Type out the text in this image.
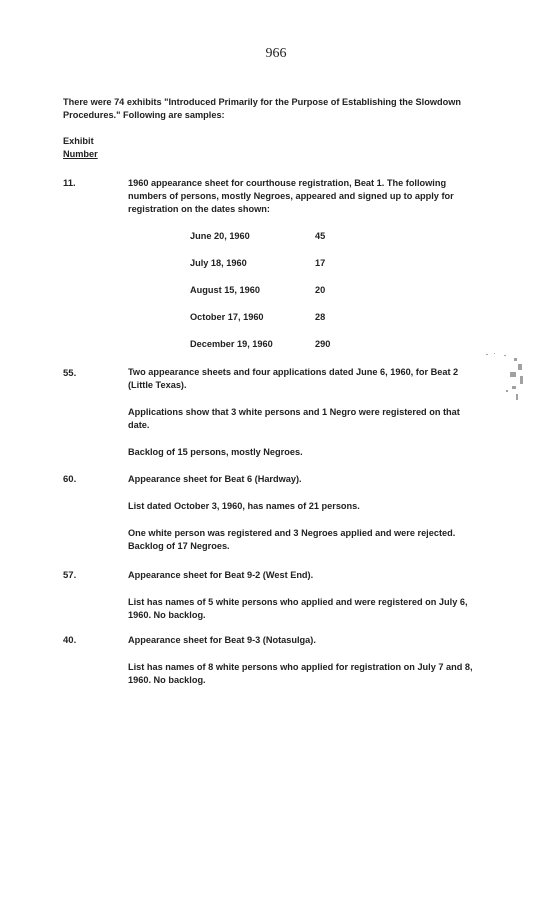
966
There were 74 exhibits "Introduced Primarily for the Purpose of Establishing the Slowdown Procedures." Following are samples:
Exhibit
Number
11.	1960 appearance sheet for courthouse registration, Beat 1. The following numbers of persons, mostly Negroes, appeared and signed up to apply for registration on the dates shown:
June 20, 1960	45
July 18, 1960	17
August 15, 1960	20
October 17, 1960	28
December 19, 1960	290
55.	Two appearance sheets and four applications dated June 6, 1960, for Beat 2 (Little Texas).
Applications show that 3 white persons and 1 Negro were registered on that date.
Backlog of 15 persons, mostly Negroes.
60.	Appearance sheet for Beat 6 (Hardway).
List dated October 3, 1960, has names of 21 persons.
One white person was registered and 3 Negroes applied and were rejected. Backlog of 17 Negroes.
57.	Appearance sheet for Beat 9-2 (West End).
List has names of 5 white persons who applied and were registered on July 6, 1960. No backlog.
40.	Appearance sheet for Beat 9-3 (Notasulga).
List has names of 8 white persons who applied for registration on July 7 and 8, 1960. No backlog.
